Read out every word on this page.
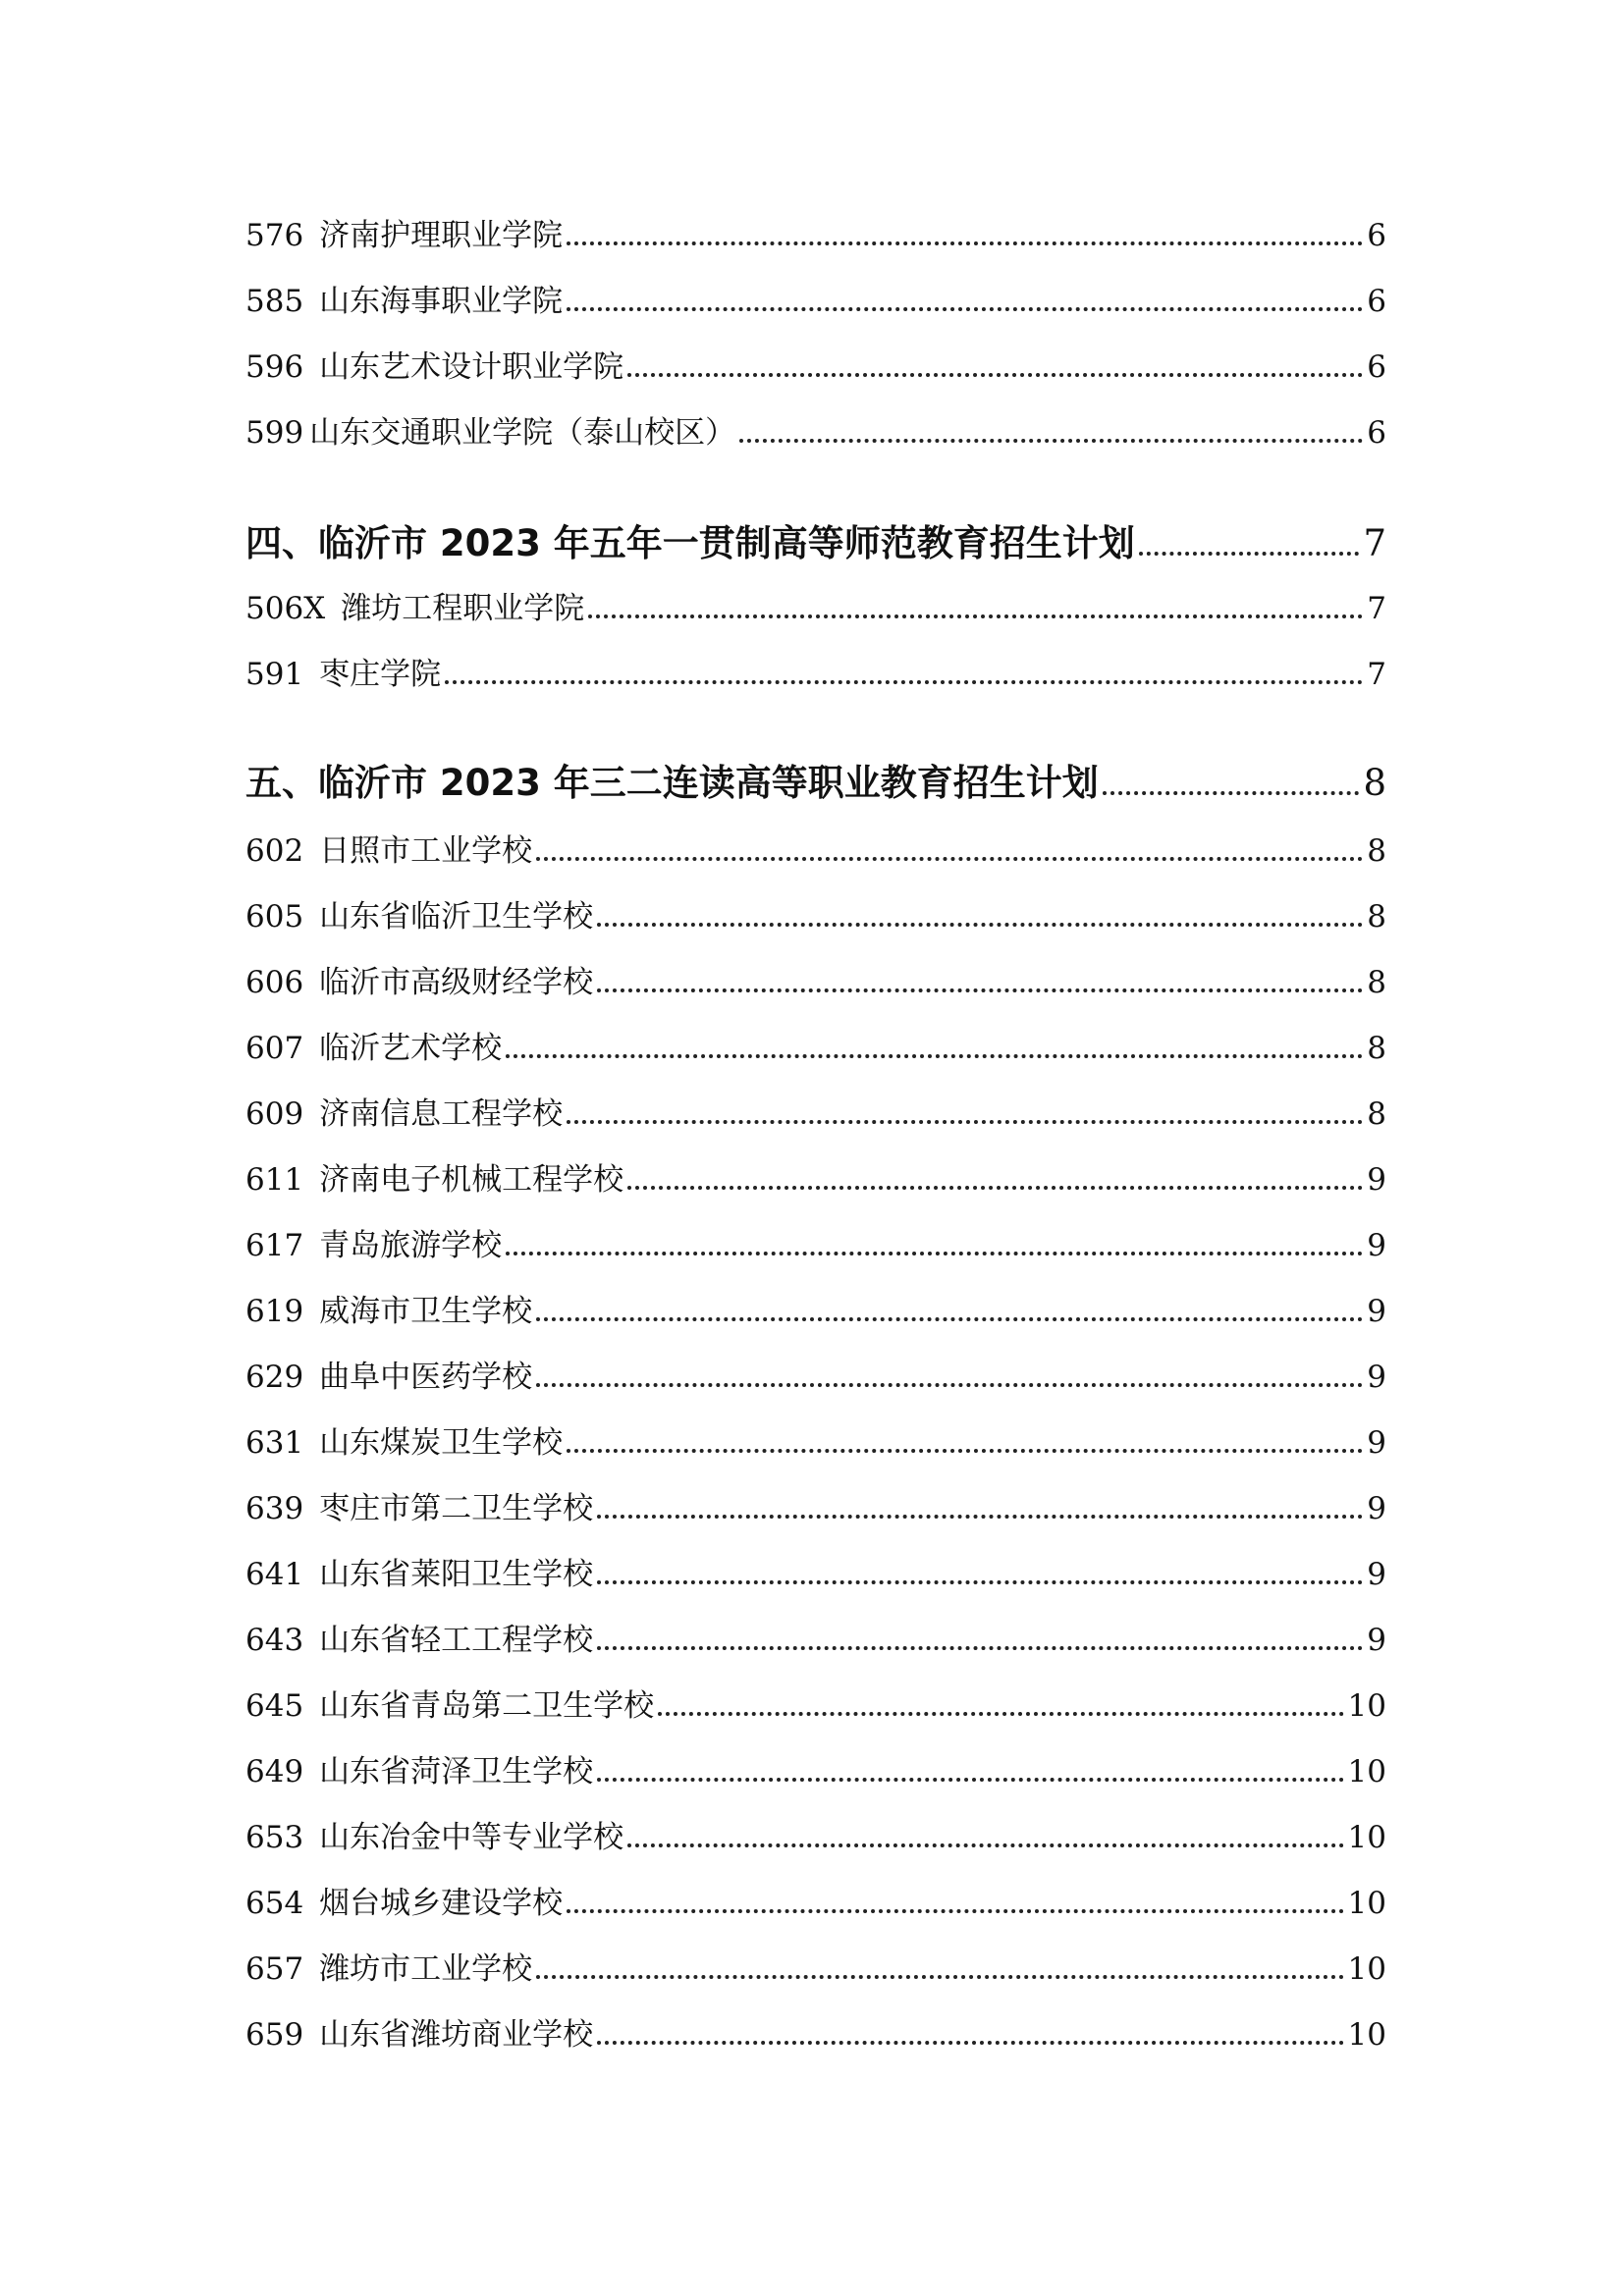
576 济南护理职业学院	6
585 山东海事职业学院	6
596 山东艺术设计职业学院	6
599 山东交通职业学院（泰山校区）	6
四、临沂市 2023 年五年一贯制高等师范教育招生计划	7
506X 潍坊工程职业学院	7
591 枣庄学院	7
五、临沂市 2023 年三二连读高等职业教育招生计划	8
602 日照市工业学校	8
605 山东省临沂卫生学校	8
606 临沂市高级财经学校	8
607 临沂艺术学校	8
609 济南信息工程学校	8
611 济南电子机械工程学校	9
617 青岛旅游学校	9
619 威海市卫生学校	9
629 曲阜中医药学校	9
631 山东煤炭卫生学校	9
639 枣庄市第二卫生学校	9
641 山东省莱阳卫生学校	9
643 山东省轻工工程学校	9
645 山东省青岛第二卫生学校	10
649 山东省菏泽卫生学校	10
653 山东冶金中等专业学校	10
654 烟台城乡建设学校	10
657 潍坊市工业学校	10
659 山东省潍坊商业学校	10
